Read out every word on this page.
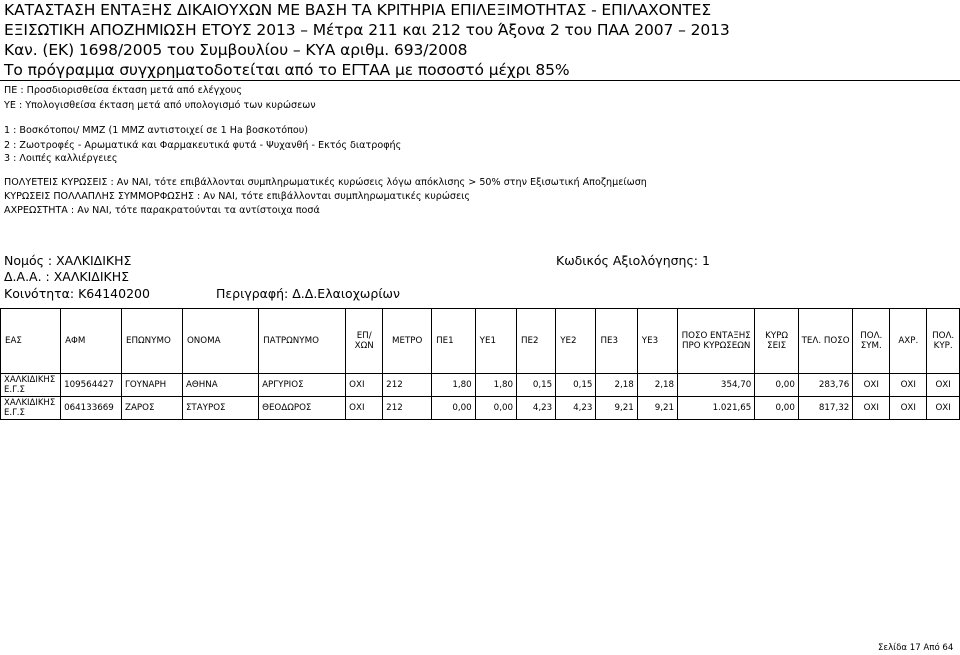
ΚΑΤΑΣΤΑΣΗ ΕΝΤΑΞΗΣ ΔΙΚΑΙΟΥΧΩΝ ΜΕ ΒΑΣΗ ΤΑ ΚΡΙΤΗΡΙΑ ΕΠΙΛΕΞΙΜΟΤΗΤΑΣ - ΕΠΙΛΑΧΟΝΤΕΣ
ΕΞΙΣΩΤΙΚΗ ΑΠΟΖΗΜΙΩΣΗ ΕΤΟΥΣ 2013 – Μέτρα 211 και 212 του Άξονα 2 του ΠΑΑ 2007 – 2013
Καν. (ΕΚ) 1698/2005 του Συμβουλίου – ΚΥΑ αριθμ. 693/2008
Το πρόγραμμα συγχρηματοδοτείται από το ΕΓΤΑΑ με ποσοστό μέχρι 85%
ΠΕ : Προσδιορισθείσα έκταση μετά από ελέγχους
ΥΕ : Υπολογισθείσα έκταση μετά από υπολογισμό των κυρώσεων
1 : Βοσκότοποι/ ΜΜΖ (1 ΜΜΖ αντιστοιχεί σε 1 Ha βοσκοτόπου)
2 : Ζωοτροφές - Αρωματικά και Φαρμακευτικά φυτά - Ψυχανθή - Εκτός διατροφής
3 : Λοιπές καλλιέργειες
ΠΟΛΥΕΤΕΙΣ ΚΥΡΩΣΕΙΣ : Αν ΝΑΙ, τότε επιβάλλονται συμπληρωματικές κυρώσεις λόγω απόκλισης > 50% στην Εξισωτική Αποζημείωση
ΚΥΡΩΣΕΙΣ ΠΟΛΛΑΠΛΗΣ ΣΥΜΜΟΡΦΩΣΗΣ : Αν ΝΑΙ, τότε επιβάλλονται συμπληρωματικές κυρώσεις
ΑΧΡΕΩΣΤΗΤΑ : Αν ΝΑΙ, τότε παρακρατούνται τα αντίστοιχα ποσά
Νομός : ΧΑΛΚΙΔΙΚΗΣ	Κωδικός Αξιολόγησης: 1
Δ.Α.Α. : ΧΑΛΚΙΔΙΚΗΣ
Κοινότητα: K64140200	Περιγραφή: Δ.Δ.Ελαιοχωρίων
ΕΑΣ	ΑΦΜ	ΕΠΩΝΥΜΟ	ΟΝΟΜΑ	ΠΑΤΡΩΝΥΜΟ	ΕΠ/ ΧΩΝ	ΜΕΤΡΟ	ΠΕ1	ΥΕ1	ΠΕ2	ΥΕ2	ΠΕ3	ΥΕ3	ΠΟΣΟ ΕΝΤΑΞΗΣ ΠΡΟ ΚΥΡΩΣΕΩΝ	ΚΥΡΩ ΣΕΙΣ	ΤΕΛ. ΠΟΣΟ	ΠΟΛ. ΣΥΜ.	ΑΧΡ.	ΠΟΛ. ΚΥΡ.
ΧΑΛΚΙΔΙΚΗΣ Ε.Γ.Σ	109564427	ΓΟΥΝΑΡΗ	ΑΘΗΝΑ	ΑΡΓΥΡΙΟΣ	ΟΧΙ	212	1,80	1,80	0,15	0,15	2,18	2,18	354,70	0,00	283,76	ΟΧΙ	ΟΧΙ	ΟΧΙ
ΧΑΛΚΙΔΙΚΗΣ Ε.Γ.Σ	064133669	ΖΑΡΟΣ	ΣΤΑΥΡΟΣ	ΘΕΟΔΩΡΟΣ	ΟΧΙ	212	0,00	0,00	4,23	4,23	9,21	9,21	1.021,65	0,00	817,32	ΟΧΙ	ΟΧΙ	ΟΧΙ
Σελίδα 17 Από 64
